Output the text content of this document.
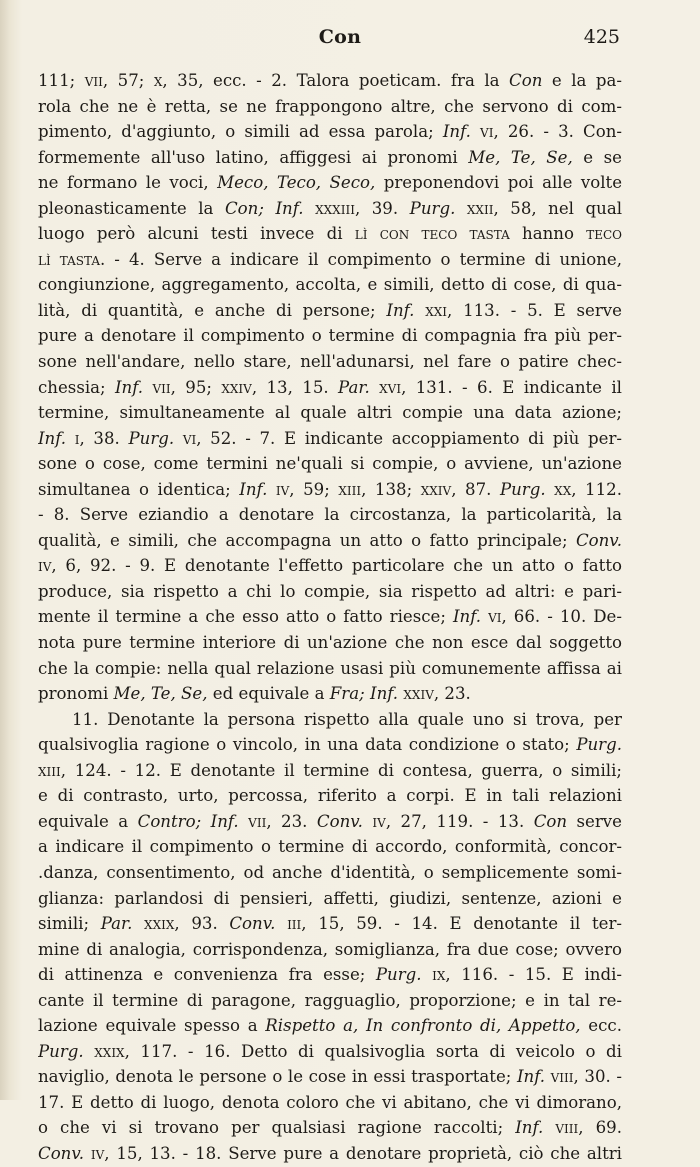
Con	425
111; vii, 57; x, 35, ecc. - 2. Talora poeticam. fra la Con e la pa-
rola che ne è retta, se ne frappongono altre, che servono di com-
pimento, d'aggiunto, o simili ad essa parola; Inf. vi, 26. - 3. Con-
formemente all'uso latino, affiggesi ai pronomi Me, Te, Se, e se
ne formano le voci, Meco, Teco, Seco, preponendovi poi alle volte
pleonasticamente la Con; Inf. xxxiii, 39. Purg. xxii, 58, nel qual
luogo però alcuni testi invece di lì con teco tasta hanno teco
lì tasta. - 4. Serve a indicare il compimento o termine di unione,
congiunzione, aggregamento, accolta, e simili, detto di cose, di qua-
lità, di quantità, e anche di persone; Inf. xxi, 113. - 5. E serve
pure a denotare il compimento o termine di compagnia fra più per-
sone nell'andare, nello stare, nell'adunarsi, nel fare o patire chec-
chessia; Inf. vii, 95; xxiv, 13, 15. Par. xvi, 131. - 6. E indicante il
termine, simultaneamente al quale altri compie una data azione;
Inf. i, 38. Purg. vi, 52. - 7. E indicante accoppiamento di più per-
sone o cose, come termini ne'quali si compie, o avviene, un'azione
simultanea o identica; Inf. iv, 59; xiii, 138; xxiv, 87. Purg. xx, 112.
- 8. Serve eziandio a denotare la circostanza, la particolarità, la
qualità, e simili, che accompagna un atto o fatto principale; Conv.
iv, 6, 92. - 9. E denotante l'effetto particolare che un atto o fatto
produce, sia rispetto a chi lo compie, sia rispetto ad altri: e pari-
mente il termine a che esso atto o fatto riesce; Inf. vi, 66. - 10. De-
nota pure termine interiore di un'azione che non esce dal soggetto
che la compie: nella qual relazione usasi più comunemente affissa ai
pronomi Me, Te, Se, ed equivale a Fra; Inf. xxiv, 23.
11. Denotante la persona rispetto alla quale uno si trova, per
qualsivoglia ragione o vincolo, in una data condizione o stato; Purg.
xiii, 124. - 12. E denotante il termine di contesa, guerra, o simili;
e di contrasto, urto, percossa, riferito a corpi. E in tali relazioni
equivale a Contro; Inf. vii, 23. Conv. iv, 27, 119. - 13. Con serve
a indicare il compimento o termine di accordo, conformità, concor-
.danza, consentimento, od anche d'identità, o semplicemente somi-
glianza: parlandosi di pensieri, affetti, giudizi, sentenze, azioni e
simili; Par. xxix, 93. Conv. iii, 15, 59. - 14. E denotante il ter-
mine di analogia, corrispondenza, somiglianza, fra due cose; ovvero
di attinenza e convenienza fra esse; Purg. ix, 116. - 15. E indi-
cante il termine di paragone, ragguaglio, proporzione; e in tal re-
lazione equivale spesso a Rispetto a, In confronto di, Appetto, ecc.
Purg. xxix, 117. - 16. Detto di qualsivoglia sorta di veicolo o di
naviglio, denota le persone o le cose in essi trasportate; Inf. viii, 30. -
17. E detto di luogo, denota coloro che vi abitano, che vi dimorano,
o che vi si trovano per qualsiasi ragione raccolti; Inf. viii, 69.
Conv. iv, 15, 13. - 18. Serve pure a denotare proprietà, ciò che altri
